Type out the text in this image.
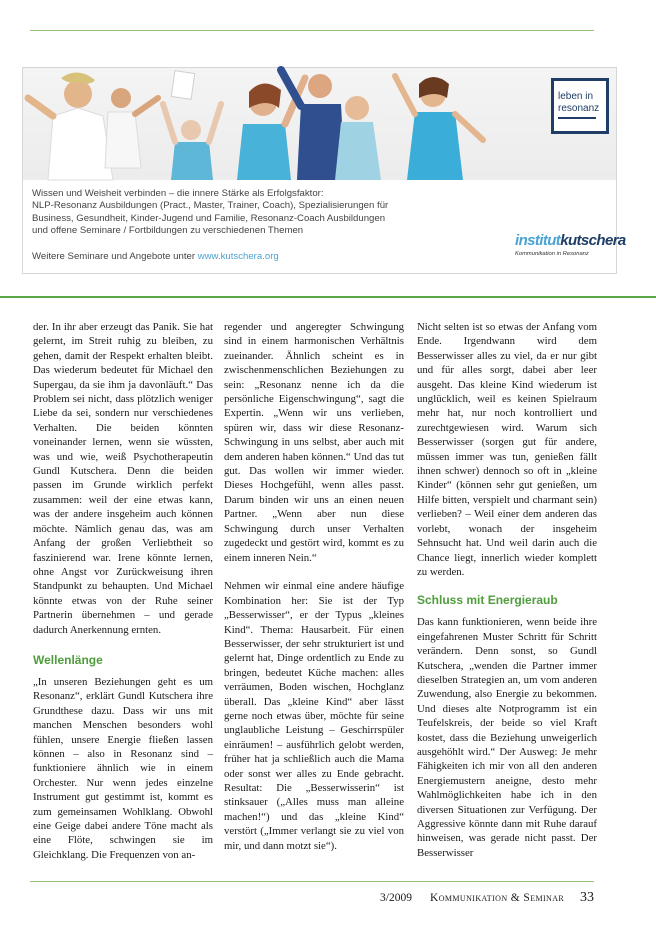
leben in resonanz

Wissen und Weisheit verbinden – die innere Stärke als Erfolgsfaktor:

NLP-Resonanz Ausbildungen (Pract., Master, Trainer, Coach), Spezialisierungen für

Business, Gesundheit, Kinder-Jugend und Familie, Resonanz-Coach Ausbildungen

und offene Seminare / Fortbildungen zu verschiedenen Themen

Weitere Seminare und Angebote unter www.kutschera.org
institutkutschera
Kommunikation in Resonanz

der. In ihr aber erzeugt das Panik. Sie hat gelernt, im Streit ruhig zu bleiben, zu gehen, damit der Respekt erhalten bleibt. Das wiederum bedeutet für Michael den Supergau, da sie ihm ja davonläuft.“ Das Problem sei nicht, dass plötzlich weniger Liebe da sei, sondern nur verschiedenes Verhalten. Die beiden könnten voneinander lernen, wenn sie wüssten, was und wie, weiß Psychotherapeutin Gundl Kutschera. Denn die beiden passen im Grunde wirklich perfekt zusammen: weil der eine etwas kann, was der andere insgeheim auch können möchte. Nämlich genau das, was am Anfang der großen Verliebtheit so faszinierend war. Irene könnte lernen, ohne Angst vor Zurückweisung ihren Standpunkt zu behaupten. Und Michael könnte etwas von der Ruhe seiner Partnerin übernehmen – und gerade dadurch Anerkennung ernten.

Wellenlänge

„In unseren Beziehungen geht es um Resonanz“, erklärt Gundl Kutschera ihre Grundthese dazu. Dass wir uns mit manchen Menschen besonders wohl fühlen, unsere Energie fließen lassen können – also in Resonanz sind – funktioniere ähnlich wie in einem Orchester. Nur wenn jedes einzelne Instrument gut gestimmt ist, kommt es zum gemeinsamen Wohlklang. Obwohl eine Geige dabei andere Töne macht als eine Flöte, schwingen sie im Gleichklang. Die Frequenzen von an-

regender und angeregter Schwingung sind in einem harmonischen Verhältnis zueinander. Ähnlich scheint es in zwischenmenschlichen Beziehungen zu sein: „Resonanz nenne ich da die persönliche Eigenschwingung“, sagt die Expertin. „Wenn wir uns verlieben, spüren wir, dass wir diese Resonanz-Schwingung in uns selbst, aber auch mit dem anderen haben können.“ Und das tut gut. Das wollen wir immer wieder. Dieses Hochgefühl, wenn alles passt. Darum binden wir uns an einen neuen Partner. „Wenn aber nun diese Schwingung durch unser Verhalten zugedeckt und gestört wird, kommt es zu einem inneren Nein.“

Nehmen wir einmal eine andere häufige Kombination her: Sie ist der Typ „Besserwisser“, er der Typus „kleines Kind“. Thema: Hausarbeit. Für einen Besserwisser, der sehr strukturiert ist und gelernt hat, Dinge ordentlich zu Ende zu bringen, bedeutet Küche machen: alles verräumen, Boden wischen, Hochglanz überall. Das „kleine Kind“ aber lässt gerne noch etwas über, möchte für seine unglaubliche Leistung – Geschirrspüler einräumen! – ausführlich gelobt werden, früher hat ja schließlich auch die Mama oder sonst wer alles zu Ende gebracht. Resultat: Die „Besserwisserin“ ist stinksauer („Alles muss man alleine machen!“) und das „kleine Kind“ verstört („Immer verlangt sie zu viel von mir, und dann motzt sie“).

Nicht selten ist so etwas der Anfang vom Ende. Irgendwann wird dem Besserwisser alles zu viel, da er nur gibt und für alles sorgt, dabei aber leer ausgeht. Das kleine Kind wiederum ist unglücklich, weil es keinen Spielraum mehr hat, nur noch kontrolliert und zurechtgewiesen wird. Warum sich Besserwisser (sorgen gut für andere, müssen immer was tun, genießen fällt ihnen schwer) dennoch so oft in „kleine Kinder“ (können sehr gut genießen, um Hilfe bitten, verspielt und charmant sein) verlieben? – Weil einer dem anderen das vorlebt, wonach der insgeheim Sehnsucht hat. Und weil darin auch die Chance liegt, innerlich wieder komplett zu werden.

Schluss mit Energieraub

Das kann funktionieren, wenn beide ihre eingefahrenen Muster Schritt für Schritt verändern. Denn sonst, so Gundl Kutschera, „wenden die Partner immer dieselben Strategien an, um vom anderen Zuwendung, also Energie zu bekommen. Und dieses alte Notprogramm ist ein Teufelskreis, der beide so viel Kraft kostet, dass die Beziehung unweigerlich ausgehöhlt wird.“ Der Ausweg: Je mehr Fähigkeiten ich mir von all den anderen Energiemustern aneigne, desto mehr Wahlmöglichkeiten habe ich in den diversen Situationen zur Verfügung. Der Aggressive könnte dann mit Ruhe darauf hinweisen, was gerade nicht passt. Der Besserwisser

3/2009 Kommunikation & Seminar 33
